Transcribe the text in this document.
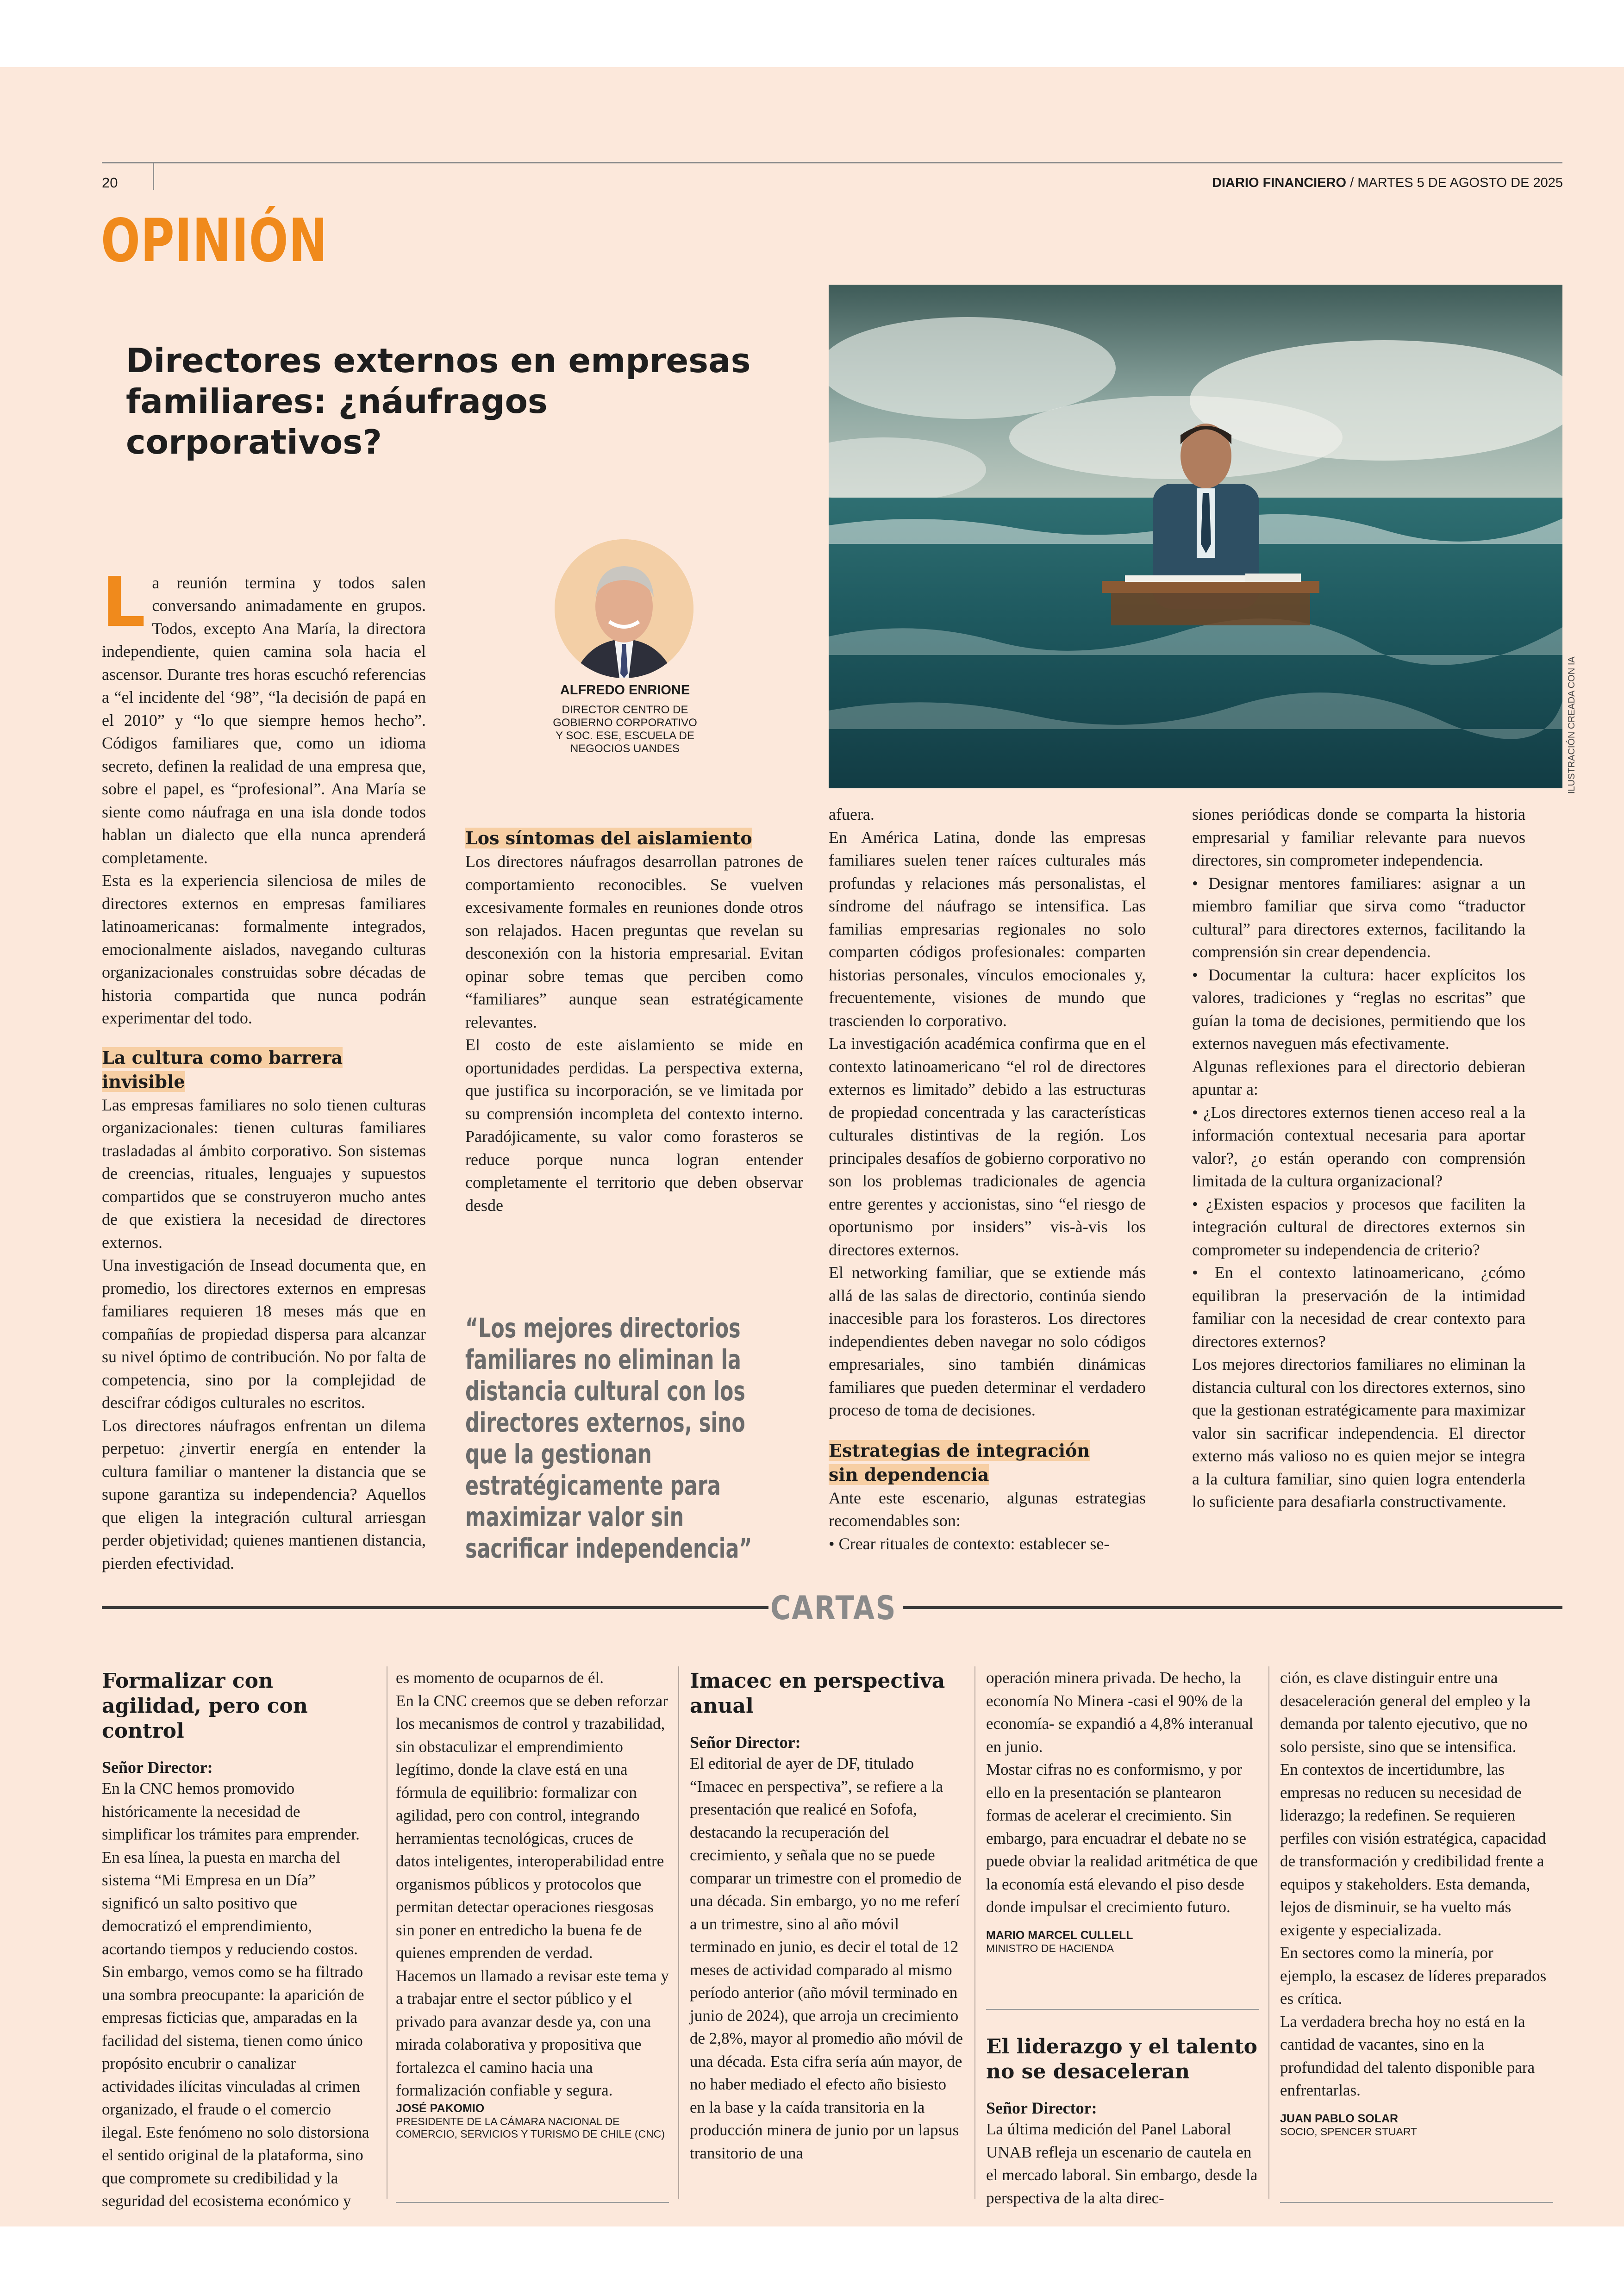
20	DIARIO FINANCIERO / MARTES 5 DE AGOSTO DE 2025
OPINIÓN
Directores externos en empresas familiares: ¿náufragos corporativos?
ILUSTRACIÓN CREADA CON IA
ALFREDO ENRIONE
DIRECTOR CENTRO DE
GOBIERNO CORPORATIVO
Y SOC. ESE, ESCUELA DE
NEGOCIOS UANDES

La reunión termina y todos salen conversando animadamente en grupos. Todos, excepto Ana María, la directora independiente, quien camina sola hacia el ascensor. Durante tres horas escuchó referencias a “el incidente del ‘98”, “la decisión de papá en el 2010” y “lo que siempre hemos hecho”. Códigos familiares que, como un idioma secreto, definen la realidad de una empresa que, sobre el papel, es “profesional”. Ana María se siente como náufraga en una isla donde todos hablan un dialecto que ella nunca aprenderá completamente.
Esta es la experiencia silenciosa de miles de directores externos en empresas familiares latinoamericanas: formalmente integrados, emocionalmente aislados, navegando culturas organizacionales construidas sobre décadas de historia compartida que nunca podrán experimentar del todo.

La cultura como barrera invisible
Las empresas familiares no solo tienen culturas organizacionales: tienen culturas familiares trasladadas al ámbito corporativo. Son sistemas de creencias, rituales, lenguajes y supuestos compartidos que se construyeron mucho antes de que existiera la necesidad de directores externos.
Una investigación de Insead documenta que, en promedio, los directores externos en empresas familiares requieren 18 meses más que en compañías de propiedad dispersa para alcanzar su nivel óptimo de contribución. No por falta de competencia, sino por la complejidad de descifrar códigos culturales no escritos.
Los directores náufragos enfrentan un dilema perpetuo: ¿invertir energía en entender la cultura familiar o mantener la distancia que se supone garantiza su independencia? Aquellos que eligen la integración cultural arriesgan perder objetividad; quienes mantienen distancia, pierden efectividad.
Los síntomas del aislamiento
Los directores náufragos desarrollan patrones de comportamiento reconocibles. Se vuelven excesivamente formales en reuniones donde otros son relajados. Hacen preguntas que revelan su desconexión con la historia empresarial. Evitan opinar sobre temas que perciben como “familiares” aunque sean estratégicamente relevantes.
El costo de este aislamiento se mide en oportunidades perdidas. La perspectiva externa, que justifica su incorporación, se ve limitada por su comprensión incompleta del contexto interno. Paradójicamente, su valor como forasteros se reduce porque nunca logran entender completamente el territorio que deben observar desde
“Los mejores directorios familiares no eliminan la distancia cultural con los directores externos, sino que la gestionan estratégicamente para maximizar valor sin sacrificar independencia”
afuera.
En América Latina, donde las empresas familiares suelen tener raíces culturales más profundas y relaciones más personalistas, el síndrome del náufrago se intensifica. Las familias empresarias regionales no solo comparten códigos profesionales: comparten historias personales, vínculos emocionales y, frecuentemente, visiones de mundo que trascienden lo corporativo.
La investigación académica confirma que en el contexto latinoamericano “el rol de directores externos es limitado” debido a las estructuras de propiedad concentrada y las características culturales distintivas de la región. Los principales desafíos de gobierno corporativo no son los problemas tradicionales de agencia entre gerentes y accionistas, sino “el riesgo de oportunismo por insiders” vis-à-vis los directores externos.
El networking familiar, que se extiende más allá de las salas de directorio, continúa siendo inaccesible para los forasteros. Los directores independientes deben navegar no solo códigos empresariales, sino también dinámicas familiares que pueden determinar el verdadero proceso de toma de decisiones.
Estrategias de integración sin dependencia
Ante este escenario, algunas estrategias recomendables son:
• Crear rituales de contexto: establecer se-
siones periódicas donde se comparta la historia empresarial y familiar relevante para nuevos directores, sin comprometer independencia.
• Designar mentores familiares: asignar a un miembro familiar que sirva como “traductor cultural” para directores externos, facilitando la comprensión sin crear dependencia.
• Documentar la cultura: hacer explícitos los valores, tradiciones y “reglas no escritas” que guían la toma de decisiones, permitiendo que los externos naveguen más efectivamente.
Algunas reflexiones para el directorio debieran apuntar a:
• ¿Los directores externos tienen acceso real a la información contextual necesaria para aportar valor?, ¿o están operando con comprensión limitada de la cultura organizacional?
• ¿Existen espacios y procesos que faciliten la integración cultural de directores externos sin comprometer su independencia de criterio?
• En el contexto latinoamericano, ¿cómo equilibran la preservación de la intimidad familiar con la necesidad de crear contexto para directores externos?
Los mejores directorios familiares no eliminan la distancia cultural con los directores externos, sino que la gestionan estratégicamente para maximizar valor sin sacrificar independencia. El director externo más valioso no es quien mejor se integra a la cultura familiar, sino quien logra entenderla lo suficiente para desafiarla constructivamente.
CARTAS
Formalizar con agilidad, pero con control
Señor Director:
En la CNC hemos promovido históricamente la necesidad de simplificar los trámites para emprender. En esa línea, la puesta en marcha del sistema “Mi Empresa en un Día” significó un salto positivo que democratizó el emprendimiento, acortando tiempos y reduciendo costos. Sin embargo, vemos como se ha filtrado una sombra preocupante: la aparición de empresas ficticias que, amparadas en la facilidad del sistema, tienen como único propósito encubrir o canalizar actividades ilícitas vinculadas al crimen organizado, el fraude o el comercio ilegal. Este fenómeno no solo distorsiona el sentido original de la plataforma, sino que compromete su credibilidad y la seguridad del ecosistema económico y
es momento de ocuparnos de él.
En la CNC creemos que se deben reforzar los mecanismos de control y trazabilidad, sin obstaculizar el emprendimiento legítimo, donde la clave está en una fórmula de equilibrio: formalizar con agilidad, pero con control, integrando herramientas tecnológicas, cruces de datos inteligentes, interoperabilidad entre organismos públicos y protocolos que permitan detectar operaciones riesgosas sin poner en entredicho la buena fe de quienes emprenden de verdad.
Hacemos un llamado a revisar este tema y a trabajar entre el sector público y el privado para avanzar desde ya, con una mirada colaborativa y propositiva que fortalezca el camino hacia una formalización confiable y segura.
JOSÉ PAKOMIO
PRESIDENTE DE LA CÁMARA NACIONAL DE COMERCIO, SERVICIOS Y TURISMO DE CHILE (CNC)
Imacec en perspectiva anual
Señor Director:
El editorial de ayer de DF, titulado “Imacec en perspectiva”, se refiere a la presentación que realicé en Sofofa, destacando la recuperación del crecimiento, y señala que no se puede comparar un trimestre con el promedio de una década. Sin embargo, yo no me referí a un trimestre, sino al año móvil terminado en junio, es decir el total de 12 meses de actividad comparado al mismo período anterior (año móvil terminado en junio de 2024), que arroja un crecimiento de 2,8%, mayor al promedio año móvil de una década. Esta cifra sería aún mayor, de no haber mediado el efecto año bisiesto en la base y la caída transitoria en la producción minera de junio por un lapsus transitorio de una
operación minera privada. De hecho, la economía No Minera -casi el 90% de la economía- se expandió a 4,8% interanual en junio.
Mostar cifras no es conformismo, y por ello en la presentación se plantearon formas de acelerar el crecimiento. Sin embargo, para encuadrar el debate no se puede obviar la realidad aritmética de que la economía está elevando el piso desde donde impulsar el crecimiento futuro.
MARIO MARCEL CULLELL
MINISTRO DE HACIENDA
El liderazgo y el talento no se desaceleran
Señor Director:
La última medición del Panel Laboral UNAB refleja un escenario de cautela en el mercado laboral. Sin embargo, desde la perspectiva de la alta direc-
ción, es clave distinguir entre una desaceleración general del empleo y la demanda por talento ejecutivo, que no solo persiste, sino que se intensifica.
En contextos de incertidumbre, las empresas no reducen su necesidad de liderazgo; la redefinen. Se requieren perfiles con visión estratégica, capacidad de transformación y credibilidad frente a equipos y stakeholders. Esta demanda, lejos de disminuir, se ha vuelto más exigente y especializada.
En sectores como la minería, por ejemplo, la escasez de líderes preparados es crítica.
La verdadera brecha hoy no está en la cantidad de vacantes, sino en la profundidad del talento disponible para enfrentarlas.
JUAN PABLO SOLAR
SOCIO, SPENCER STUART
